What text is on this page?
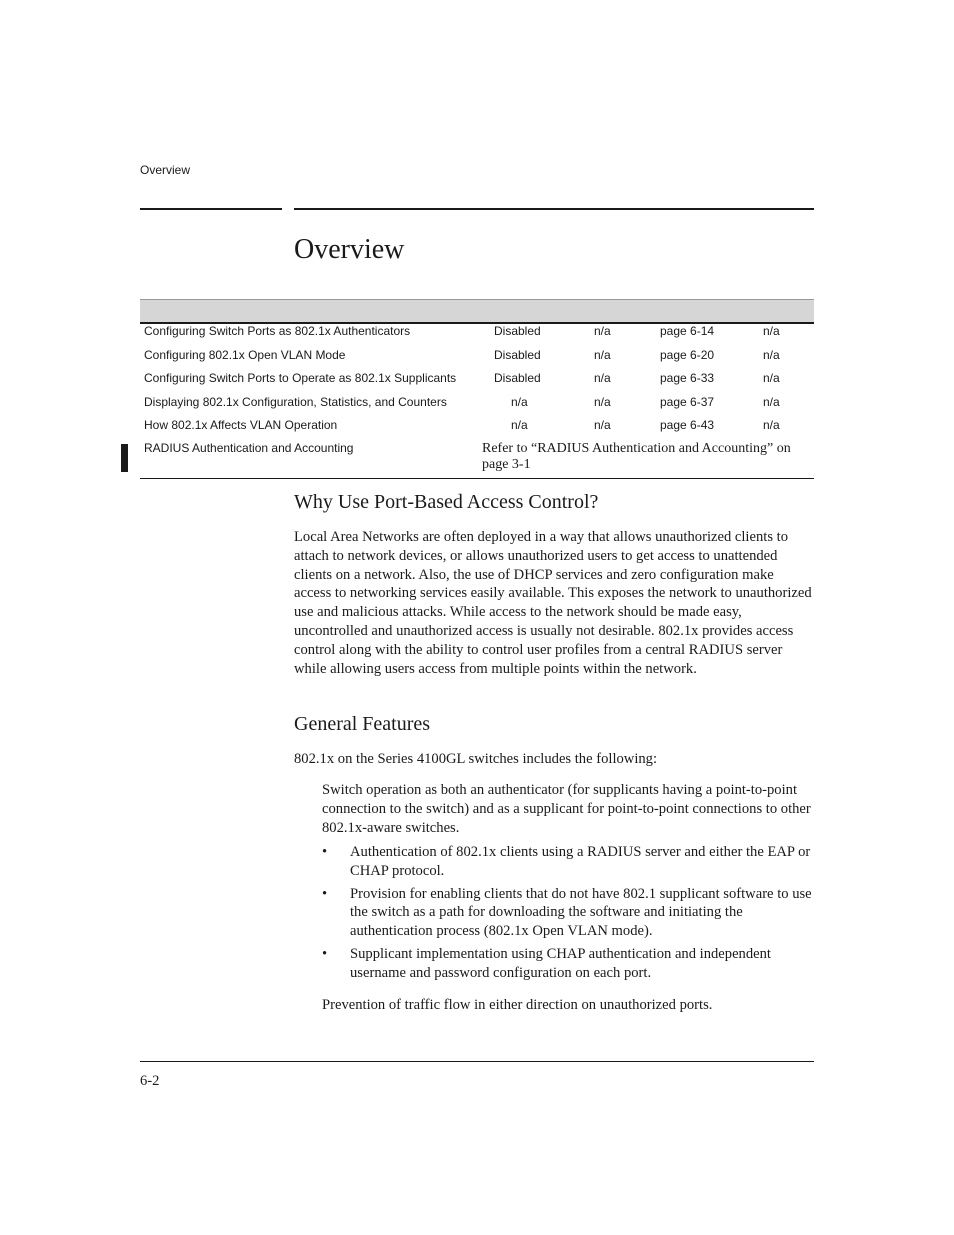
Overview
Overview
Configuring Switch Ports as 802.1x Authenticators	Disabled	n/a	page 6-14	n/a
Configuring 802.1x Open VLAN Mode	Disabled	n/a	page 6-20	n/a
Configuring Switch Ports to Operate as 802.1x Supplicants	Disabled	n/a	page 6-33	n/a
Displaying 802.1x Configuration, Statistics, and Counters	n/a	n/a	page 6-37	n/a
How 802.1x Affects VLAN Operation	n/a	n/a	page 6-43	n/a
RADIUS Authentication and Accounting	Refer to “RADIUS Authentication and Accounting” on page 3-1
Why Use Port-Based Access Control?

Local Area Networks are often deployed in a way that allows unauthorized clients to attach to network devices, or allows unauthorized users to get access to unattended clients on a network. Also, the use of DHCP services and zero configuration make access to networking services easily available. This exposes the network to unauthorized use and malicious attacks. While access to the network should be made easy, uncontrolled and unauthorized access is usually not desirable. 802.1x provides access control along with the ability to control user profiles from a central RADIUS server while allowing users access from multiple points within the network.

General Features

802.1x on the Series 4100GL switches includes the following:

Switch operation as both an authenticator (for supplicants having a point-to-point connection to the switch) and as a supplicant for point-to-point connections to other 802.1x-aware switches.

• Authentication of 802.1x clients using a RADIUS server and either the EAP or CHAP protocol.
• Provision for enabling clients that do not have 802.1 supplicant software to use the switch as a path for downloading the software and initiating the authentication process (802.1x Open VLAN mode).
• Supplicant implementation using CHAP authentication and independent username and password configuration on each port.

Prevention of traffic flow in either direction on unauthorized ports.

6-2
